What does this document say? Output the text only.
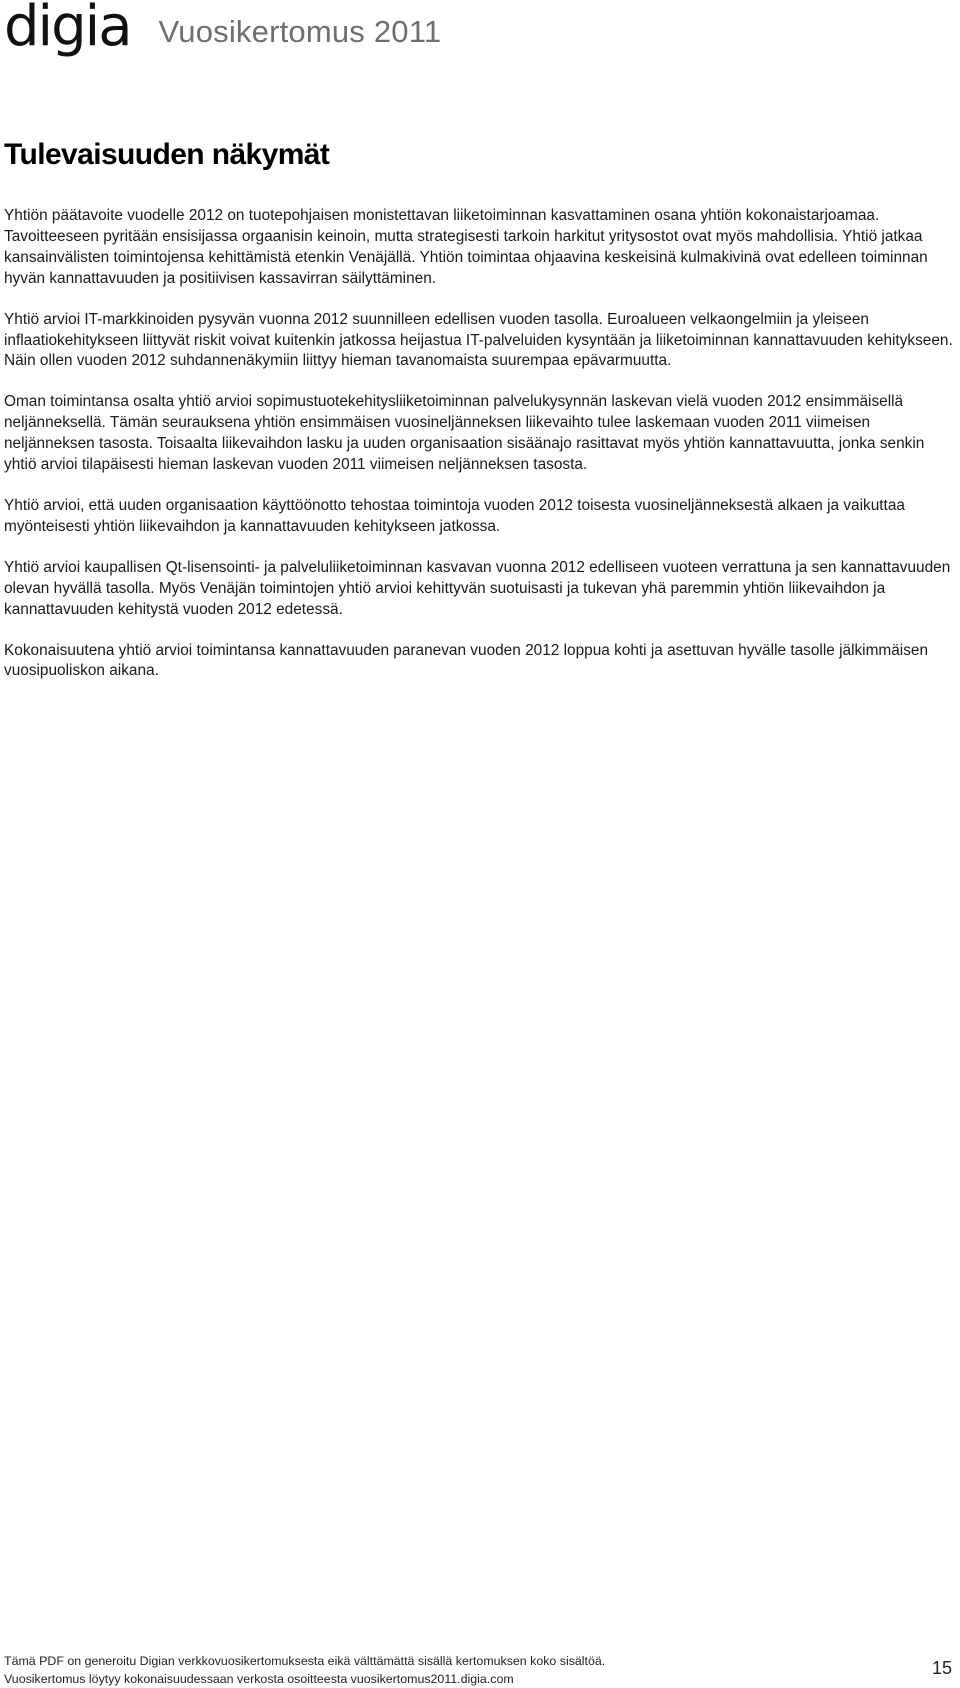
digia Vuosikertomus 2011
Tulevaisuuden näkymät

Yhtiön päätavoite vuodelle 2012 on tuotepohjaisen monistettavan liiketoiminnan kasvattaminen osana yhtiön kokonaistarjoamaa. Tavoitteeseen pyritään ensisijassa orgaanisin keinoin, mutta strategisesti tarkoin harkitut yritysostot ovat myös mahdollisia. Yhtiö jatkaa kansainvälisten toimintojensa kehittämistä etenkin Venäjällä. Yhtiön toimintaa ohjaavina keskeisinä kulmakivinä ovat edelleen toiminnan hyvän kannattavuuden ja positiivisen kassavirran säilyttäminen.

Yhtiö arvioi IT-markkinoiden pysyvän vuonna 2012 suunnilleen edellisen vuoden tasolla. Euroalueen velkaongelmiin ja yleiseen inflaatiokehitykseen liittyvät riskit voivat kuitenkin jatkossa heijastua IT-palveluiden kysyntään ja liiketoiminnan kannattavuuden kehitykseen. Näin ollen vuoden 2012 suhdannenäkymiin liittyy hieman tavanomaista suurempaa epävarmuutta.

Oman toimintansa osalta yhtiö arvioi sopimustuotekehitysliiketoiminnan palvelukysynnän laskevan vielä vuoden 2012 ensimmäisellä neljänneksellä. Tämän seurauksena yhtiön ensimmäisen vuosineljänneksen liikevaihto tulee laskemaan vuoden 2011 viimeisen neljänneksen tasosta. Toisaalta liikevaihdon lasku ja uuden organisaation sisäänajo rasittavat myös yhtiön kannattavuutta, jonka senkin yhtiö arvioi tilapäisesti hieman laskevan vuoden 2011 viimeisen neljänneksen tasosta.

Yhtiö arvioi, että uuden organisaation käyttöönotto tehostaa toimintoja vuoden 2012 toisesta vuosineljänneksestä alkaen ja vaikuttaa myönteisesti yhtiön liikevaihdon ja kannattavuuden kehitykseen jatkossa.

Yhtiö arvioi kaupallisen Qt-lisensointi- ja palveluliiketoiminnan kasvavan vuonna 2012 edelliseen vuoteen verrattuna ja sen kannattavuuden olevan hyvällä tasolla. Myös Venäjän toimintojen yhtiö arvioi kehittyvän suotuisasti ja tukevan yhä paremmin yhtiön liikevaihdon ja kannattavuuden kehitystä vuoden 2012 edetessä.

Kokonaisuutena yhtiö arvioi toimintansa kannattavuuden paranevan vuoden 2012 loppua kohti ja asettuvan hyvälle tasolle jälkimmäisen vuosipuoliskon aikana.

Tämä PDF on generoitu Digian verkkovuosikertomuksesta eikä välttämättä sisällä kertomuksen koko sisältöä.
Vuosikertomus löytyy kokonaisuudessaan verkosta osoitteesta vuosikertomus2011.digia.com
15
